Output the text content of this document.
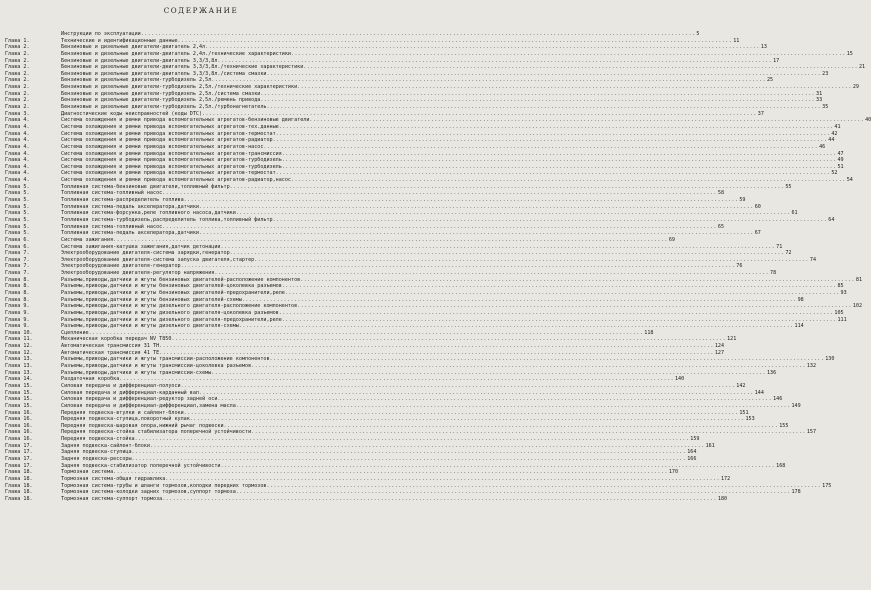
СОДЕРЖАНИЕ
Инструкции по эксплуатации .....	5
Глава 1.	Технические и идентификационные данные .....	11
Глава 2.	Бензиновые и дизельные двигатели-двигатель 2,4л .....	13
Глава 2.	Бензиновые и дизельные двигатели-двигатель 2,4л./технические характеристики .....	15
Глава 2.	Бензиновые и дизельные двигатели-двигатель 3,3/3,8л .....	17
Глава 2.	Бензиновые и дизельные двигатели-двигатель 3,3/3,8л./технические характеристики .....	21
Глава 2.	Бензиновые и дизельные двигатели-двигатель 3,3/3,8л./система смазки .....	23
Глава 2.	Бензиновые и дизельные двигатели-турбодизель 2,5л .....	25
Глава 2.	Бензиновые и дизельные двигатели-турбодизель 2,5л./технические характеристики .....	29
Глава 2.	Бензиновые и дизельные двигатели-турбодизель 2,5л./система смазки .....	31
Глава 2.	Бензиновые и дизельные двигатели-турбодизель 2,5л./ремень привода .....	33
Глава 2.	Бензиновые и дизельные двигатели-турбодизель 2,5л./турбонагнетатель .....	35
Глава 3.	Диагностические коды неисправностей (коды DTC) .....	37
Глава 4.	Система охлаждения и ремни привода вспомогательных агрегатов-бензиновые двигатели .....	40
Глава 4.	Система охлаждения и ремни привода вспомогательных агрегатов-тех.данные .....	41
Глава 4.	Система охлаждения и ремни привода вспомогательных агрегатов-термостат .....	42
Глава 4.	Система охлаждения и ремни привода вспомогательных агрегатов-радиатор .....	44
Глава 4.	Система охлаждения и ремни привода вспомогательных агрегатов-насос .....	46
Глава 4.	Система охлаждения и ремни привода вспомогательных агрегатов-трансмиссия .....	47
Глава 4.	Система охлаждения и ремни привода вспомогательных агрегатов-турбодизель .....	49
Глава 4.	Система охлаждения и ремни привода вспомогательных агрегатов-турбодизель .....	51
Глава 4.	Система охлаждения и ремни привода вспомогательных агрегатов-термостат .....	52
Глава 4.	Система охлаждения и ремни привода вспомогательных агрегатов-радиатор,насос .....	54
Глава 5.	Топливная система-бензиновые двигатели,топливный фильтр .....	55
Глава 5.	Топливная система-топливный насос .....	58
Глава 5.	Топливная система-распределитель топлива .....	59
Глава 5.	Топливная система-педаль акселератора,датчики .....	60
Глава 5.	Топливная система-форсунка,реле топливного насоса,датчики .....	61
Глава 5.	Топливная система-турбодизель,распределитель топлива,топливный фильтр .....	64
Глава 5.	Топливная система-топливный насос .....	65
Глава 5.	Топливная система-педаль акселератора,датчики .....	67
Глава 6.	Система зажигания .....	69
Глава 6.	Система зажигания-катушка зажигания,датчик детонации .....	71
Глава 7.	Электрооборудование двигателя-система зарядки,генератор .....	72
Глава 7.	Электрооборудование двигателя-система запуска двигателя,стартер .....	74
Глава 7.	Электрооборудование двигателя-генератор .....	76
Глава 7.	Электрооборудование двигателя-регулятор напряжения .....	78
Глава 8.	Разъемы,приводы,датчики и жгуты бензиновых двигателей-расположение компонентов .....	81
Глава 8.	Разъемы,приводы,датчики и жгуты бензиновых двигателей-цоколевка разъемов .....	85
Глава 8.	Разъемы,приводы,датчики и жгуты бензиновых двигателей-предохранители,реле .....	93
Глава 8.	Разъемы,приводы,датчики и жгуты бензиновых двигателей-схемы .....	98
Глава 9.	Разъемы,приводы,датчики и жгуты дизельного двигателя-расположение компонентов .....	102
Глава 9.	Разъемы,приводы,датчики и жгуты дизельного двигателя-цоколевка разъемов .....	105
Глава 9.	Разъемы,приводы,датчики и жгуты дизельного двигателя-предохранители,реле .....	111
Глава 9.	Разъемы,приводы,датчики и жгуты дизельного двигателя-схемы .....	114
Глава 10.	Сцепление .....	118
Глава 11.	Механическая коробка передач NV T850 .....	121
Глава 12.	Автоматическая трансмиссия 31 TH .....	124
Глава 12.	Автоматическая трансмиссия 41 TE .....	127
Глава 13.	Разъемы,приводы,датчики и жгуты трансмиссии-расположение компонентов .....	130
Глава 13.	Разъемы,приводы,датчики и жгуты трансмиссии-цоколевка разъемов .....	132
Глава 13.	Разъемы,приводы,датчики и жгуты трансмиссии-схемы .....	136
Глава 14.	Раздаточная коробка .....	140
Глава 15.	Силовая передача и дифференциал-полуоси .....	142
Глава 15.	Силовая передача и дифференциал-карданный вал .....	144
Глава 15.	Силовая передача и дифференциал-редуктор задней оси .....	146
Глава 15.	Силовая передача и дифференциал-дифференциал,замена масла .....	149
Глава 16.	Передняя подвеска-втулки и сайлент-блоки .....	151
Глава 16.	Передняя подвеска-ступица,поворотный кулак .....	153
Глава 16.	Передняя подвеска-шаровая опора,нижний рычаг подвески .....	155
Глава 16.	Передняя подвеска-стойка стабилизатора поперечной устойчивости .....	157
Глава 16.	Передняя подвеска-стойка .....	159
Глава 17.	Задняя подвеска-сайлент-блоки .....	161
Глава 17.	Задняя подвеска-ступица .....	164
Глава 17.	Задняя подвеска-рессоры .....	166
Глава 17.	Задняя подвеска-стабилизатор поперечной устойчивости .....	168
Глава 18.	Тормозная система .....	170
Глава 18.	Тормозная система-общая гидравлика .....	172
Глава 18.	Тормозная система-трубы и шланги тормозов,колодки передних тормозов .....	175
Глава 18.	Тормозная система-колодки задних тормозов,суппорт тормоза .....	178
Глава 18.	Тормозная система-суппорт тормоза .....	180
